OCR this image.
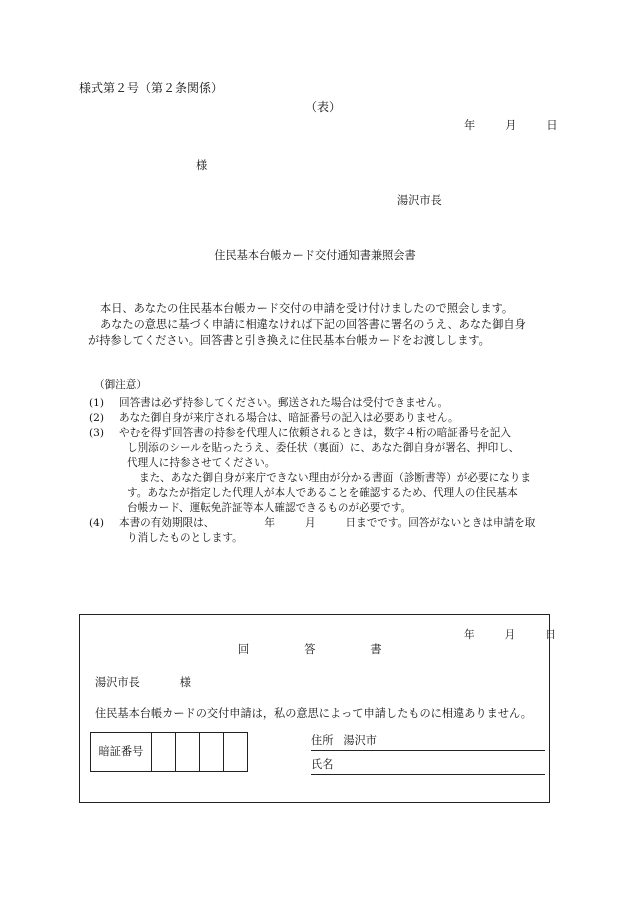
様式第２号（第２条関係）
（表）
年	月	日
様
湯沢市長
住民基本台帳カード交付通知書兼照会書
本日、あなたの住民基本台帳カード交付の申請を受け付けましたので照会します。
あなたの意思に基づく申請に相違なければ下記の回答書に署名のうえ、あなた御自身
が持参してください。回答書と引き換えに住民基本台帳カードをお渡しします。
（御注意）
(1) 回答書は必ず持参してください。郵送された場合は受付できません。
(2) あなた御自身が来庁される場合は、暗証番号の記入は必要ありません。
(3) やむを得ず回答書の持参を代理人に依頼されるときは，数字４桁の暗証番号を記入
し別添のシールを貼ったうえ、委任状（裏面）に、あなた御自身が署名、押印し、
代理人に持参させてください。
また、あなた御自身が来庁できない理由が分かる書面（診断書等）が必要になりま
す。あなたが指定した代理人が本人であることを確認するため、代理人の住民基本
台帳カード、運転免許証等本人確認できるものが必要です。
(4) 本書の有効期限は、	年	月	日までです。回答がないときは申請を取
り消したものとします。
年	月	日
回	答	書
湯沢市長	様
住民基本台帳カードの交付申請は，私の意思によって申請したものに相違ありません。
暗証番号
住所 湯沢市
氏名
